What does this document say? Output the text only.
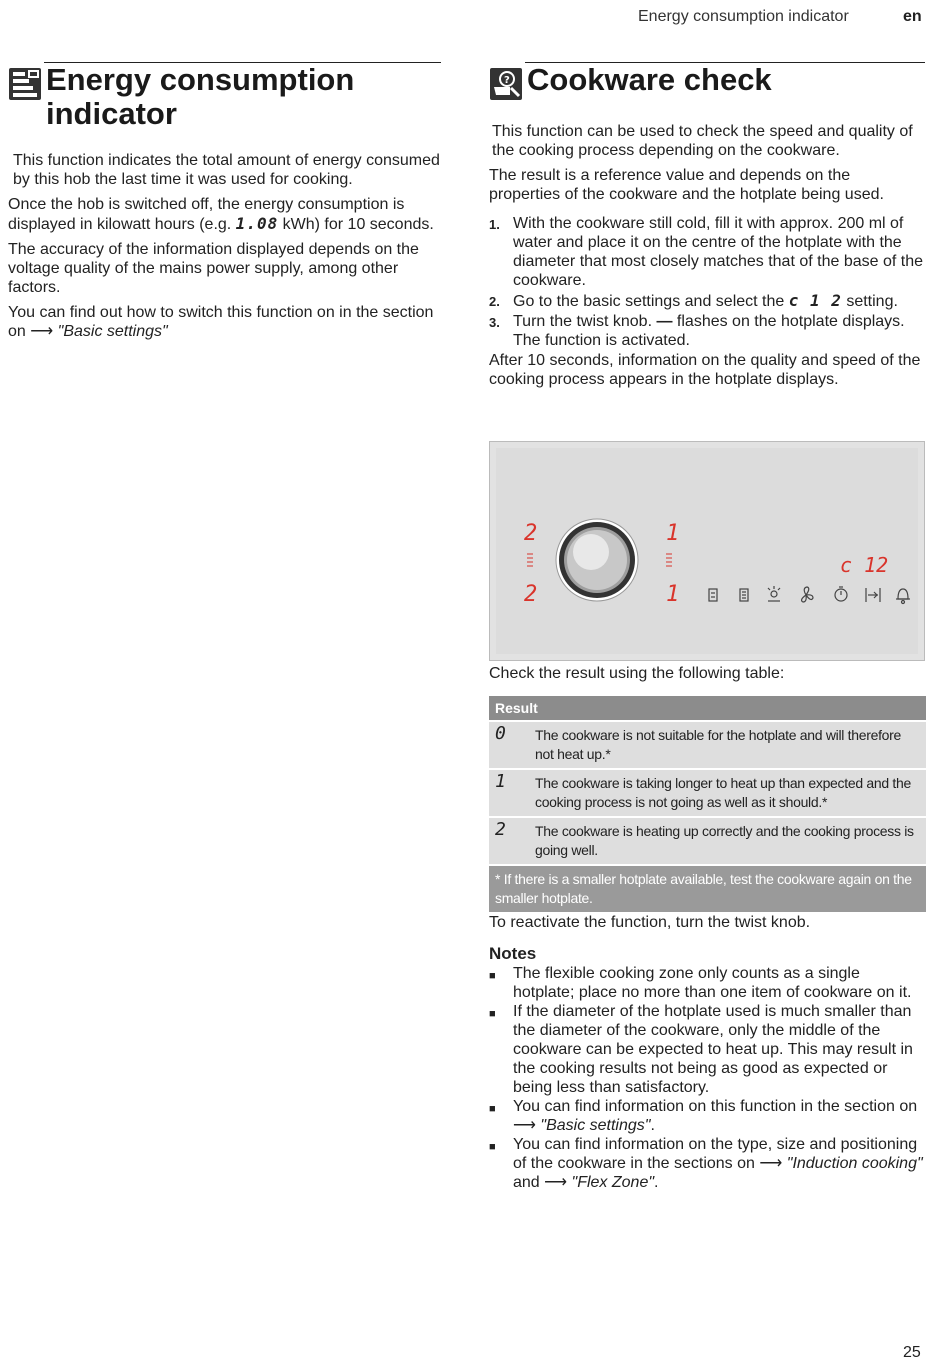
Energy consumption indicator	en
Energy consumption indicator

This function indicates the total amount of energy consumed by this hob the last time it was used for cooking.

Once the hob is switched off, the energy consumption is displayed in kilowatt hours (e.g. 1.08 kWh) for 10 seconds.

The accuracy of the information displayed depends on the voltage quality of the mains power supply, among other factors.

You can find out how to switch this function on in the section on ⟶ "Basic settings"

? Cookware check

This function can be used to check the speed and quality of the cooking process depending on the cookware.

The result is a reference value and depends on the properties of the cookware and the hotplate being used.

1. With the cookware still cold, fill it with approx. 200 ml of water and place it on the centre of the hotplate with the diameter that most closely matches that of the base of the cookware.
2. Go to the basic settings and select the c 1 2 setting.
3. Turn the twist knob. — flashes on the hotplate displays.
The function is activated.

After 10 seconds, information on the quality and speed of the cooking process appears in the hotplate displays.

2
2
1
1
c 12

Check the result using the following table:

Result	
0	The cookware is not suitable for the hotplate and will therefore not heat up.*
1	The cookware is taking longer to heat up than expected and the cooking process is not going as well as it should.*
2	The cookware is heating up correctly and the cooking process is going well.
* If there is a smaller hotplate available, test the cookware again on the smaller hotplate.	

To reactivate the function, turn the twist knob.

Notes
■	The flexible cooking zone only counts as a single hotplate; place no more than one item of cookware on it.
■	If the diameter of the hotplate used is much smaller than the diameter of the cookware, only the middle of the cookware can be expected to heat up. This may result in the cooking results not being as good as expected or being less than satisfactory.
■	You can find information on this function in the section on ⟶ "Basic settings".
■	You can find information on the type, size and positioning of the cookware in the sections on ⟶ "Induction cooking" and ⟶ "Flex Zone".
25
